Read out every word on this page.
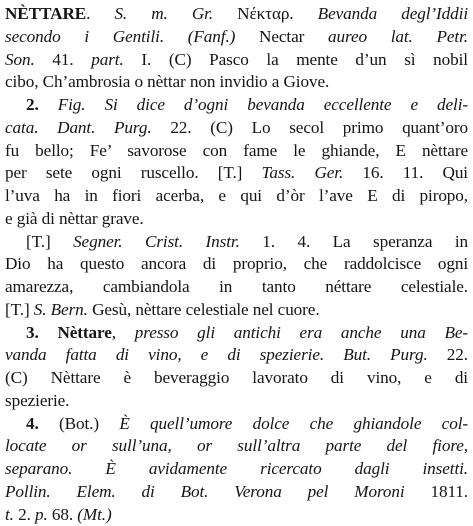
NÈTTARE. S. m. Gr. Νέκταρ. Bevanda degl’Iddii
secondo i Gentili. (Fanf.) Nectar aureo lat. Petr.
Son. 41. part. I. (C) Pasco la mente d’un sì nobil
cibo, Ch’ambrosia o nèttar non invidio a Giove.
2. Fig. Si dice d’ogni bevanda eccellente e deli-
cata. Dant. Purg. 22. (C) Lo secol primo quant’oro
fu bello; Fe’ savorose con fame le ghiande, E nèttare
per sete ogni ruscello. [T.] Tass. Ger. 16. 11. Qui
l’uva ha in fiori acerba, e qui d’òr l’ave E di piropo,
e già di nèttar grave.
[T.] Segner. Crist. Instr. 1. 4. La speranza in
Dio ha questo ancora di proprio, che raddolcisce ogni
amarezza, cambiandola in tanto néttare celestiale.
[T.] S. Bern. Gesù, nèttare celestiale nel cuore.
3. Nèttare, presso gli antichi era anche una Be-
vanda fatta di vino, e di spezierie. But. Purg. 22.
(C) Nèttare è beveraggio lavorato di vino, e di
spezierie.
4. (Bot.) È quell’umore dolce che ghiandole col-
locate or sull’una, or sull’altra parte del fiore,
separano. È avidamente ricercato dagli insetti.
Pollin. Elem. di Bot. Verona pel Moroni 1811.
t. 2. p. 68. (Mt.)
